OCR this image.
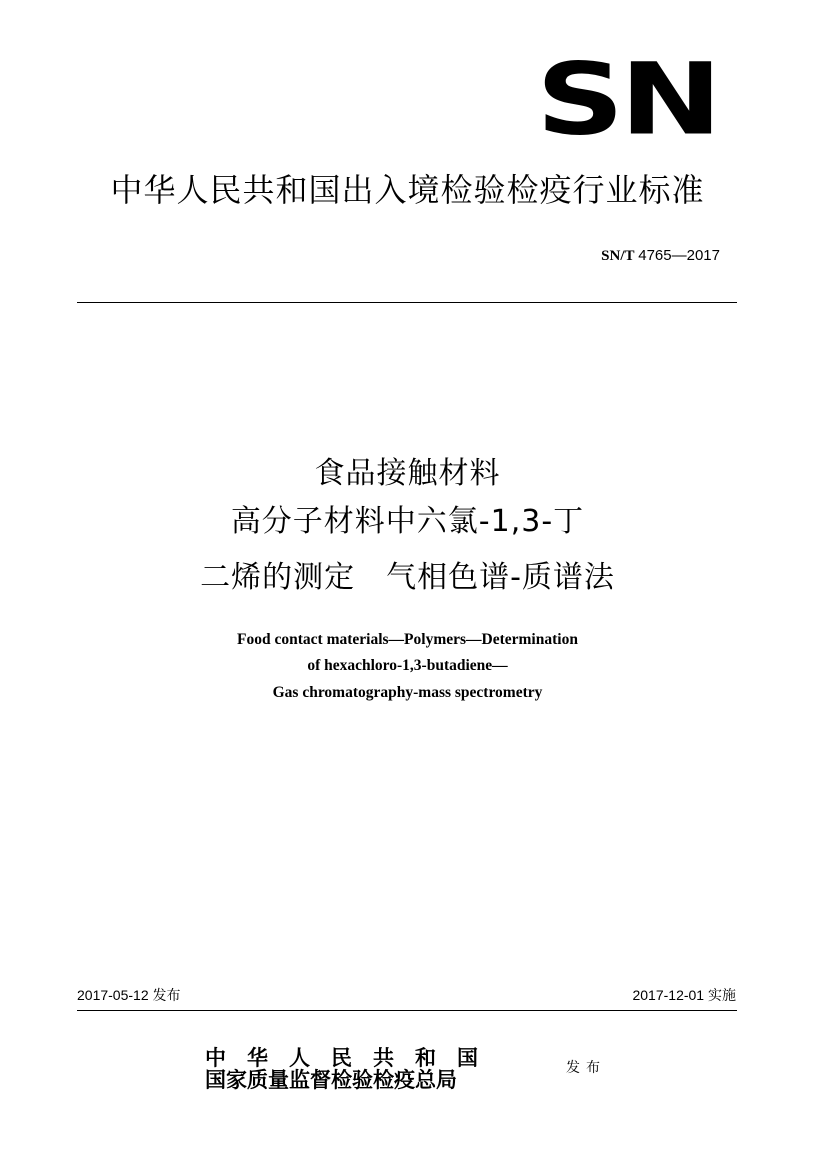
SN
中华人民共和国出入境检验检疫行业标准
SN/T 4765—2017
食品接触材料
高分子材料中六氯-1,3-丁
二烯的测定　气相色谱-质谱法
Food contact materials—Polymers—Determination
of hexachloro-1,3-butadiene—
Gas chromatography-mass spectrometry
2017-05-12 发布	2017-12-01 实施
中　华　人　民　共　和　国
国家质量监督检验检疫总局	发布
